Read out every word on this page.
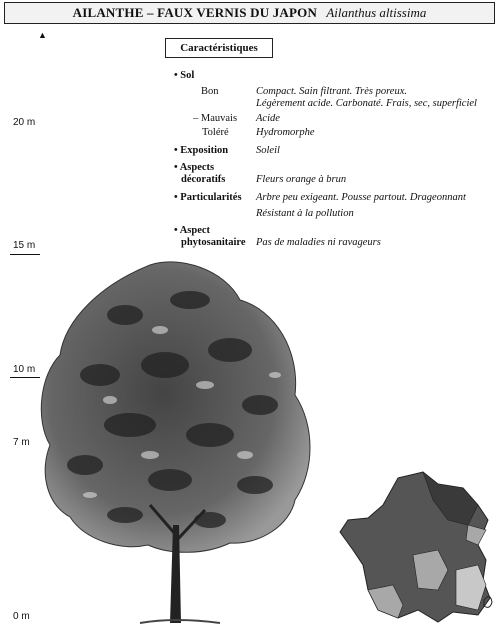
AILANTHE – FAUX VERNIS DU JAPON Ailanthus altissima
▲
20 m
15 m
10 m
7 m
0 m
Caractéristiques
• Sol
Bon	Compact. Sain filtrant. Très poreux.
Légèrement acide. Carbonaté. Frais, sec, superficiel
– Mauvais Acide
Toléré	Hydromorphe
• Exposition	Soleil
• Aspects
décoratifs	Fleurs orange à brun
• Particularités Arbre peu exigeant. Pousse partout. Drageonnant
Résistant à la pollution
• Aspect
phytosanitaire Pas de maladies ni ravageurs
